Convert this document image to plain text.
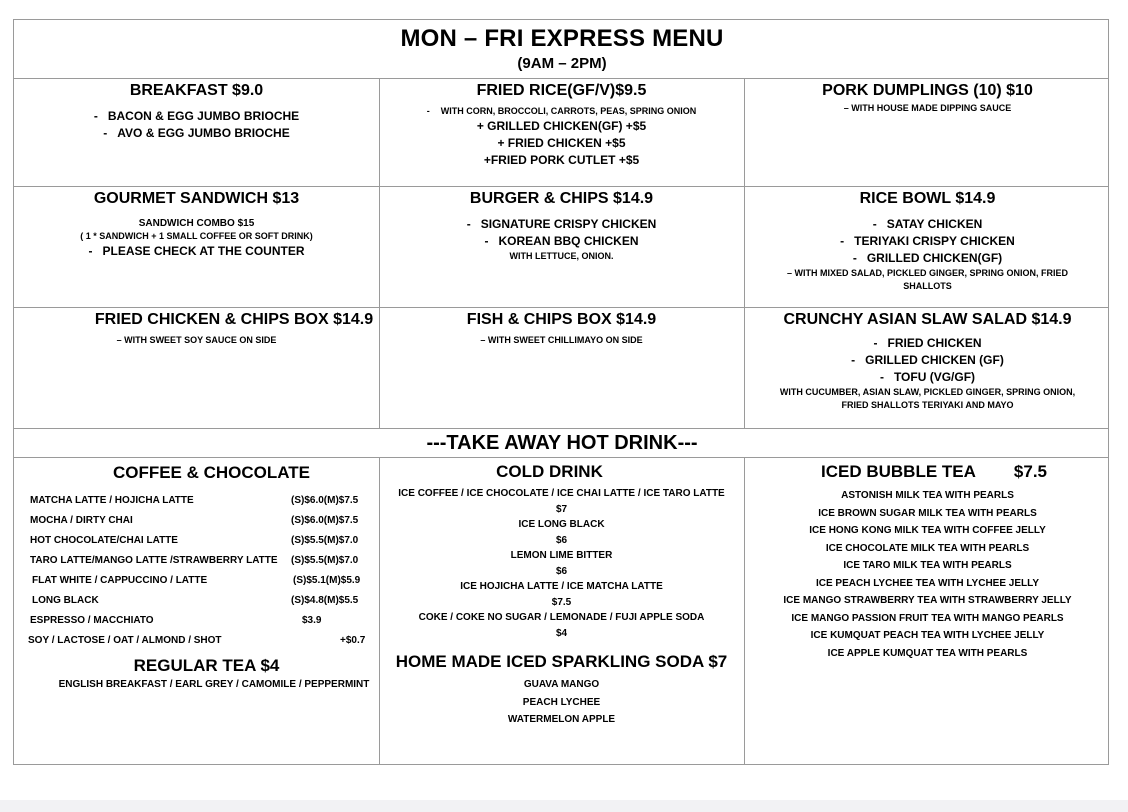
MON – FRI EXPRESS MENU
(9AM – 2PM)
BREAKFAST $9.0
- BACON & EGG JUMBO BRIOCHE
- AVO & EGG JUMBO BRIOCHE
FRIED RICE(GF/V)$9.5
- WITH CORN, BROCCOLI, CARROTS, PEAS, SPRING ONION
+ GRILLED CHICKEN(GF) +$5
+ FRIED CHICKEN +$5
+FRIED PORK CUTLET +$5
PORK DUMPLINGS (10) $10
– WITH HOUSE MADE DIPPING SAUCE
GOURMET SANDWICH $13
SANDWICH COMBO $15
( 1 * SANDWICH + 1 SMALL COFFEE OR SOFT DRINK)
- PLEASE CHECK AT THE COUNTER
BURGER & CHIPS $14.9
- SIGNATURE CRISPY CHICKEN
- KOREAN BBQ CHICKEN
WITH LETTUCE, ONION.
RICE BOWL $14.9
- SATAY CHICKEN
- TERIYAKI CRISPY CHICKEN
- GRILLED CHICKEN(GF)
– WITH MIXED SALAD, PICKLED GINGER, SPRING ONION, FRIED SHALLOTS
FRIED CHICKEN & CHIPS BOX $14.9
– WITH SWEET SOY SAUCE ON SIDE
FISH & CHIPS BOX $14.9
– WITH SWEET CHILLIMAYO ON SIDE
CRUNCHY ASIAN SLAW SALAD $14.9
- FRIED CHICKEN
- GRILLED CHICKEN (GF)
- TOFU (VG/GF)
WITH CUCUMBER, ASIAN SLAW, PICKLED GINGER, SPRING ONION, FRIED SHALLOTS TERIYAKI AND MAYO
---TAKE AWAY HOT DRINK---
COFFEE & CHOCOLATE
MATCHA LATTE / HOJICHA LATTE	(S)$6.0(M)$7.5
MOCHA / DIRTY CHAI	(S)$6.0(M)$7.5
HOT CHOCOLATE/CHAI LATTE	(S)$5.5(M)$7.0
TARO LATTE/MANGO LATTE /STRAWBERRY LATTE (S)$5.5(M)$7.0
FLAT WHITE / CAPPUCCINO / LATTE	(S)$5.1(M)$5.9
LONG BLACK	(S)$4.8(M)$5.5
ESPRESSO / MACCHIATO	$3.9
SOY / LACTOSE / OAT / ALMOND / SHOT	+$0.7
REGULAR TEA $4
ENGLISH BREAKFAST / EARL GREY / CAMOMILE / PEPPERMINT
COLD DRINK
ICE COFFEE / ICE CHOCOLATE / ICE CHAI LATTE / ICE TARO LATTE
$7
ICE LONG BLACK
$6
LEMON LIME BITTER
$6
ICE HOJICHA LATTE / ICE MATCHA LATTE
$7.5
COKE / COKE NO SUGAR / LEMONADE / FUJI APPLE SODA
$4
HOME MADE ICED SPARKLING SODA $7
GUAVA MANGO
PEACH LYCHEE
WATERMELON APPLE
ICED BUBBLE TEA $7.5
ASTONISH MILK TEA WITH PEARLS
ICE BROWN SUGAR MILK TEA WITH PEARLS
ICE HONG KONG MILK TEA WITH COFFEE JELLY
ICE CHOCOLATE MILK TEA WITH PEARLS
ICE TARO MILK TEA WITH PEARLS
ICE PEACH LYCHEE TEA WITH LYCHEE JELLY
ICE MANGO STRAWBERRY TEA WITH STRAWBERRY JELLY
ICE MANGO PASSION FRUIT TEA WITH MANGO PEARLS
ICE KUMQUAT PEACH TEA WITH LYCHEE JELLY
ICE APPLE KUMQUAT TEA WITH PEARLS
